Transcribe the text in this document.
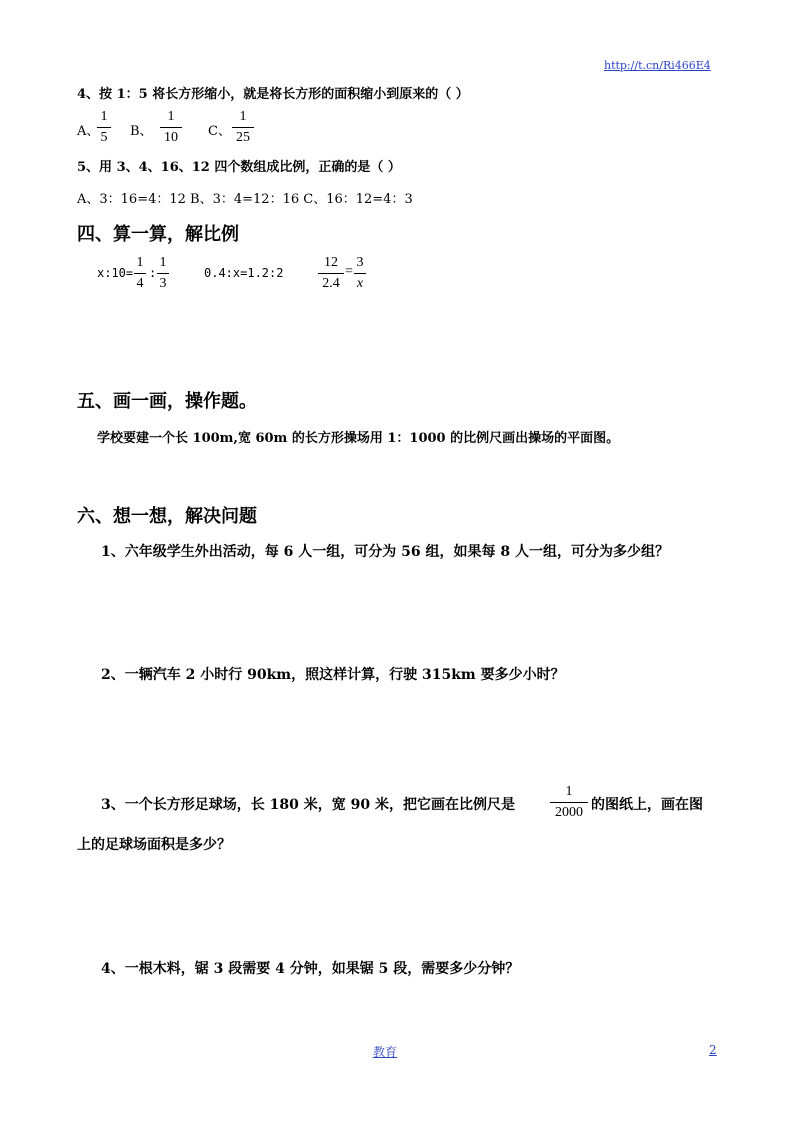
http://t.cn/Ri466E4
4、按 1：5 将长方形缩小，就是将长方形的面积缩小到原来的（ ）
A、
1
5 B、
1
10	C、
1
25
5、用 3、4、16、12 四个数组成比例，正确的是（ ）
A、3：16=4：12 B、3：4=12：16 C、16：12=4：3
四、算一算，解比例
x:10=
1
4
:
1
3
0.4:x=1.2:2
12
2.4
=
3
x
五、画一画，操作题。
学校要建一个长 100m,宽 60m 的长方形操场用 1：1000 的比例尺画出操场的平面图。
六、想一想，解决问题
1、六年级学生外出活动，每 6 人一组，可分为 56 组，如果每 8 人一组，可分为多少组？
2、一辆汽车 2 小时行 90km，照这样计算，行驶 315km 要多少小时？
3、一个长方形足球场，长 180 米，宽 90 米，把它画在比例尺是
1
2000 的图纸上，画在图
上的足球场面积是多少？
4、一根木料，锯 3 段需要 4 分钟，如果锯 5 段，需要多少分钟？
教育	2
